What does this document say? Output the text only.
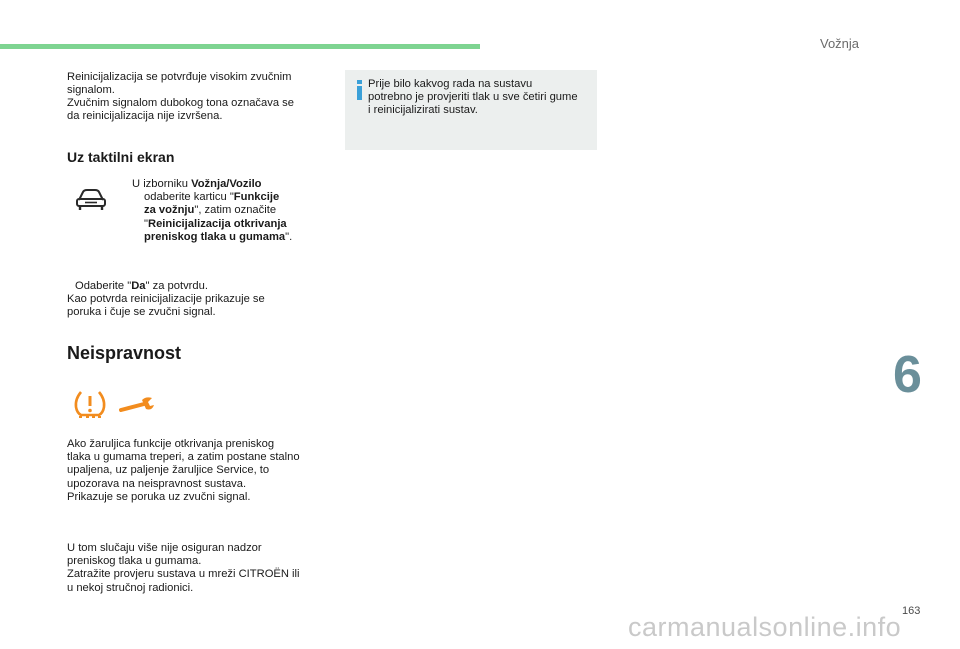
Vožnja

Reinicijalizacija se potvrđuje visokim zvučnim

signalom.

Zvučnim signalom dubokog tona označava se

da reinicijalizacija nije izvršena.

Uz taktilni ekran
U izborniku Vožnja/Vozilo
odaberite karticu "Funkcije
za vožnju", zatim označite
"Reinicijalizacija otkrivanja
preniskog tlaka u gumama".
Odaberite "Da" za potvrdu.
Kao potvrda reinicijalizacije prikazuje se
poruka i čuje se zvučni signal.
Neispravnost
Ako žaruljica funkcije otkrivanja preniskog
tlaka u gumama treperi, a zatim postane stalno
upaljena, uz paljenje žaruljice Service, to
upozorava na neispravnost sustava.
Prikazuje se poruka uz zvučni signal.
U tom slučaju više nije osiguran nadzor
preniskog tlaka u gumama.
Zatražite provjeru sustava u mreži CITROËN ili
u nekoj stručnoj radionici.
Prije bilo kakvog rada na sustavu
potrebno je provjeriti tlak u sve četiri gume
i reinicijalizirati sustav.
6
163
carmanualsonline.info
